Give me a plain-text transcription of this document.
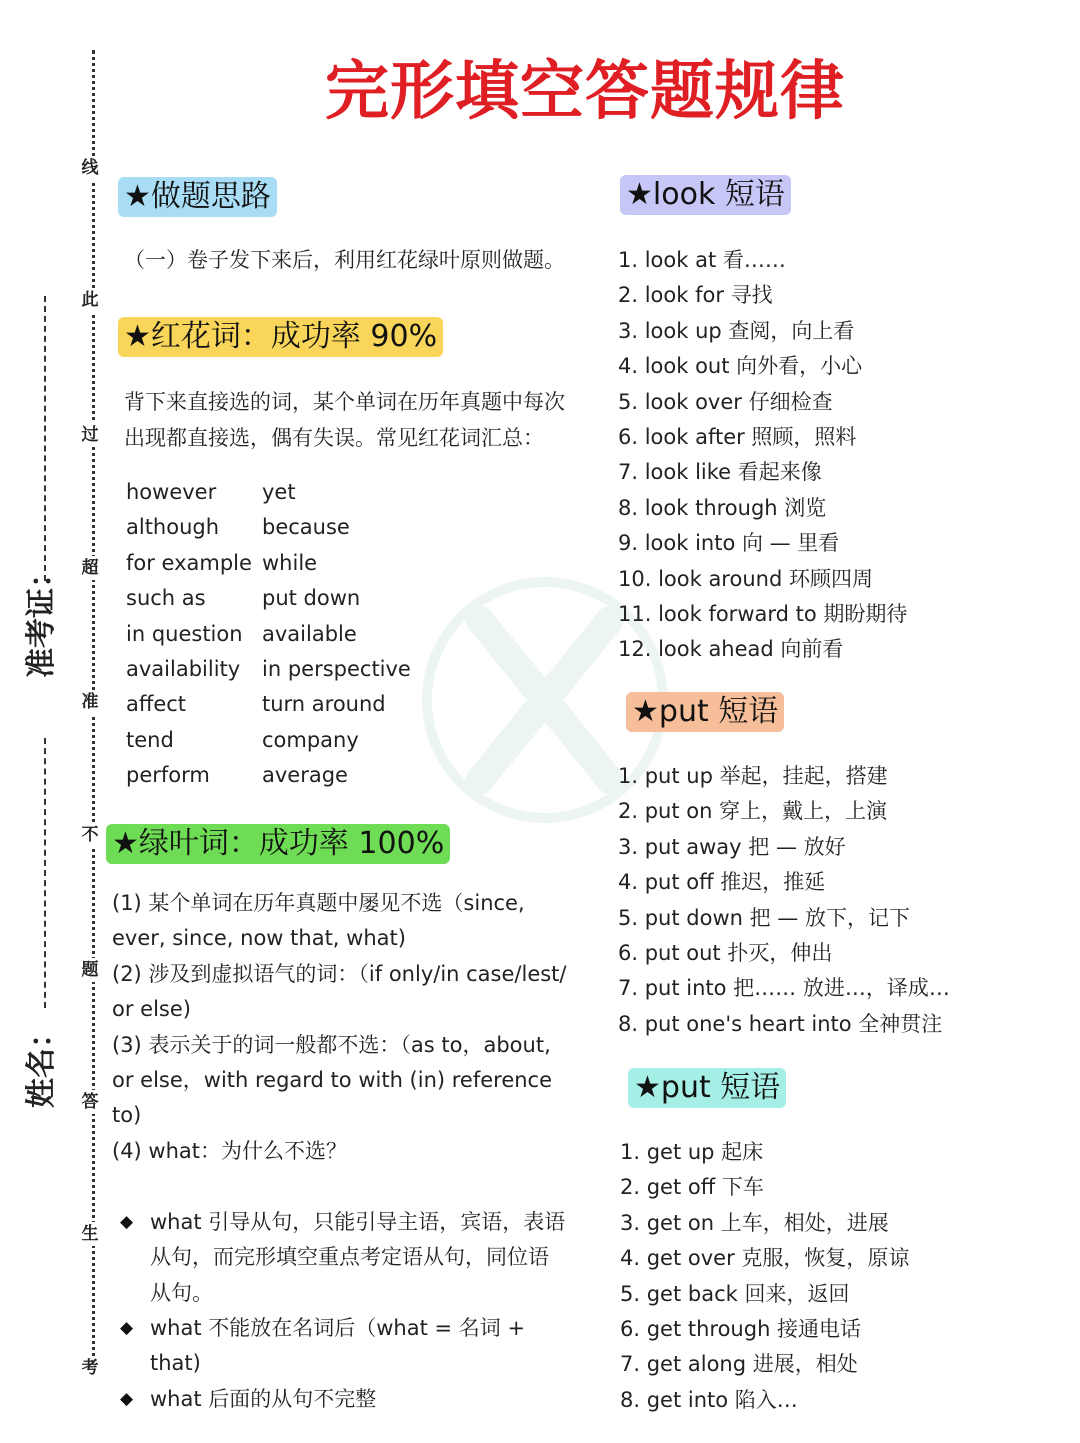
准考证：
姓名：
线
此
过
超
准
不
题
答
生
考
完形填空答题规律
★做题思路
（一）卷子发下来后，利用红花绿叶原则做题。
★红花词：成功率 90%
背下来直接选的词，某个单词在历年真题中每次
出现都直接选，偶有失误。常见红花词汇总：
however
although
for example
such as
in question
availability
affect
tend
perform
yet
because
while
put down
available
in perspective
turn around
company
average
★绿叶词：成功率 100%
(1) 某个单词在历年真题中屡见不选（since,
ever, since, now that, what)
(2) 涉及到虚拟语气的词：（if only/in case/lest/
or else)
(3) 表示关于的词一般都不选：（as to，about,
or else，with regard to with (in) reference
to)
(4) what：为什么不选？
◆ what 引导从句，只能引导主语，宾语，表语
从句，而完形填空重点考定语从句，同位语
从句。
◆ what 不能放在名词后（what = 名词 +
that)
◆ what 后面的从句不完整
★look 短语
1. look at 看……
2. look for 寻找
3. look up 查阅，向上看
4. look out 向外看，小心
5. look over 仔细检查
6. look after 照顾，照料
7. look like 看起来像
8. look through 浏览
9. look into 向 — 里看
10. look around 环顾四周
11. look forward to 期盼期待
12. look ahead 向前看
★put 短语
1. put up 举起，挂起，搭建
2. put on 穿上，戴上，上演
3. put away 把 — 放好
4. put off 推迟，推延
5. put down 把 — 放下，记下
6. put out 扑灭，伸出
7. put into 把…… 放进…，译成…
8. put one's heart into 全神贯注
★put 短语
1. get up 起床
2. get off 下车
3. get on 上车，相处，进展
4. get over 克服，恢复，原谅
5. get back 回来，返回
6. get through 接通电话
7. get along 进展，相处
8. get into 陷入…
